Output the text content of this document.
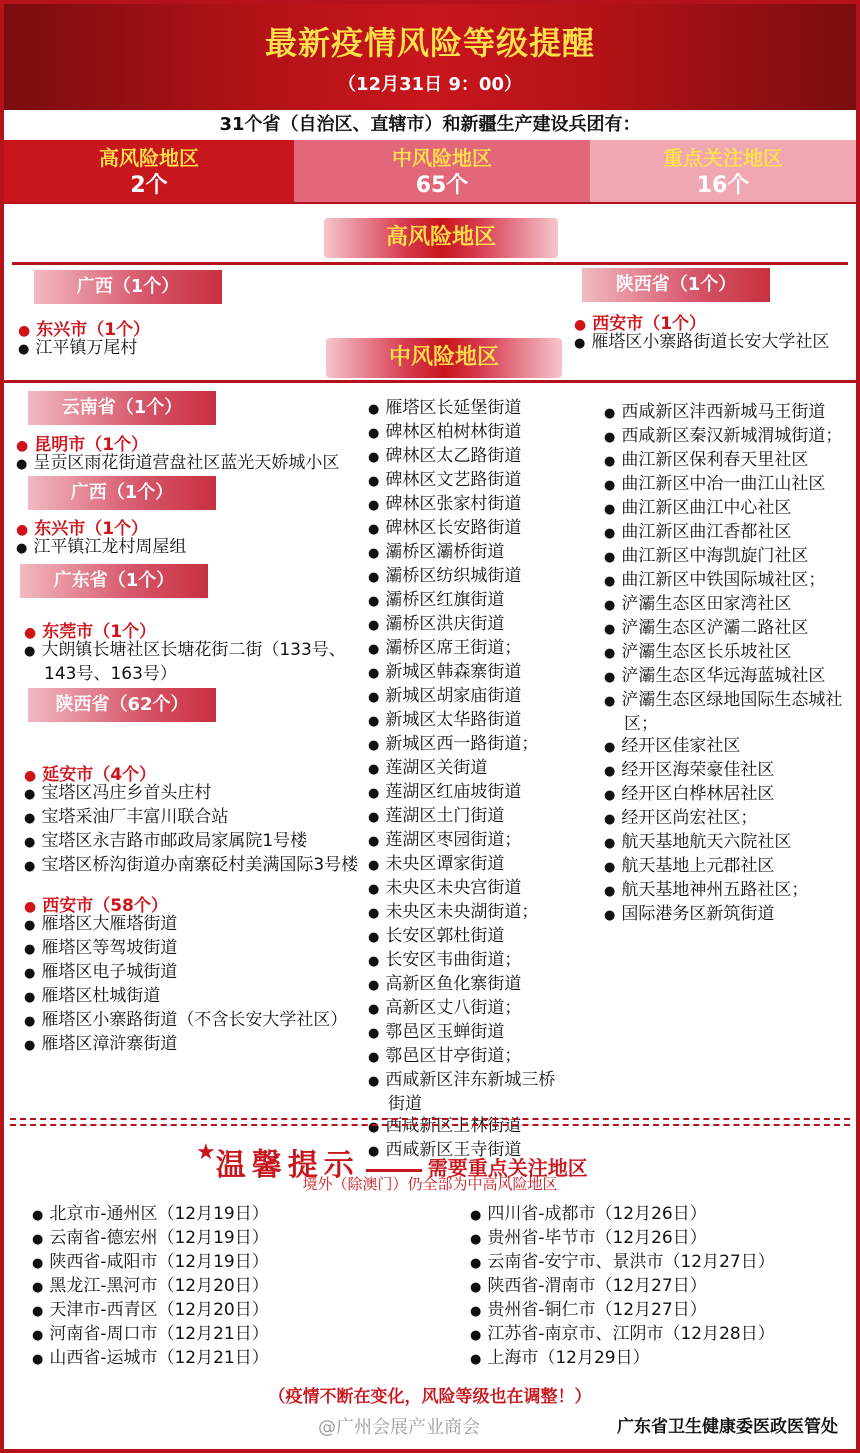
最新疫情风险等级提醒
（12月31日 9：00）
31个省（自治区、直辖市）和新疆生产建设兵团有：
高风险地区
2个
中风险地区
65个
重点关注地区
16个
高风险地区
广西（1个）
● 东兴市（1个）
● 江平镇万尾村
陕西省（1个）
● 西安市（1个）
● 雁塔区小寨路街道长安大学社区
中风险地区
云南省（1个）
● 昆明市（1个）
● 呈贡区雨花街道营盘社区蓝光天娇城小区
广西（1个）
● 东兴市（1个）
● 江平镇江龙村周屋组
广东省（1个）
● 东莞市（1个）
● 大朗镇长塘社区长塘花街二街（133号、143号、163号）
陕西省（62个）
● 延安市（4个）
● 宝塔区冯庄乡首头庄村
● 宝塔采油厂丰富川联合站
● 宝塔区永吉路市邮政局家属院1号楼
● 宝塔区桥沟街道办南寨砭村美满国际3号楼
● 西安市（58个）
● 雁塔区大雁塔街道
● 雁塔区等驾坡街道
● 雁塔区电子城街道
● 雁塔区杜城街道
● 雁塔区小寨路街道（不含长安大学社区）
● 雁塔区漳浒寨街道
● 雁塔区长延堡街道
● 碑林区柏树林街道
● 碑林区太乙路街道
● 碑林区文艺路街道
● 碑林区张家村街道
● 碑林区长安路街道
● 灞桥区灞桥街道
● 灞桥区纺织城街道
● 灞桥区红旗街道
● 灞桥区洪庆街道
● 灞桥区席王街道；
● 新城区韩森寨街道
● 新城区胡家庙街道
● 新城区太华路街道
● 新城区西一路街道；
● 莲湖区关街道
● 莲湖区红庙坡街道
● 莲湖区土门街道
● 莲湖区枣园街道；
● 未央区谭家街道
● 未央区未央宫街道
● 未央区未央湖街道；
● 长安区郭杜街道
● 长安区韦曲街道；
● 高新区鱼化寨街道
● 高新区丈八街道；
● 鄠邑区玉蝉街道
● 鄠邑区甘亭街道；
● 西咸新区沣东新城三桥街道
● 西咸新区上林街道
● 西咸新区王寺街道
● 西咸新区沣西新城马王街道
● 西咸新区秦汉新城渭城街道；
● 曲江新区保利春天里社区
● 曲江新区中冶一曲江山社区
● 曲江新区曲江中心社区
● 曲江新区曲江香都社区
● 曲江新区中海凯旋门社区
● 曲江新区中铁国际城社区；
● 浐灞生态区田家湾社区
● 浐灞生态区浐灞二路社区
● 浐灞生态区长乐坡社区
● 浐灞生态区华远海蓝城社区
● 浐灞生态区绿地国际生态城社区；
● 经开区佳家社区
● 经开区海荣豪佳社区
● 经开区白桦林居社区
● 经开区尚宏社区；
● 航天基地航天六院社区
● 航天基地上元郡社区
● 航天基地神州五路社区；
● 国际港务区新筑街道
★温馨提示	需要重点关注地区
境外（除澳门）仍全部为中高风险地区
● 北京市-通州区（12月19日）
● 云南省-德宏州（12月19日）
● 陕西省-咸阳市（12月19日）
● 黑龙江-黑河市（12月20日）
● 天津市-西青区（12月20日）
● 河南省-周口市（12月21日）
● 山西省-运城市（12月21日）
● 四川省-成都市（12月26日）
● 贵州省-毕节市（12月26日）
● 云南省-安宁市、景洪市（12月27日）
● 陕西省-渭南市（12月27日）
● 贵州省-铜仁市（12月27日）
● 江苏省-南京市、江阴市（12月28日）
● 上海市（12月29日）
（疫情不断在变化，风险等级也在调整！）
@广州会展产业商会	广东省卫生健康委医政医管处
